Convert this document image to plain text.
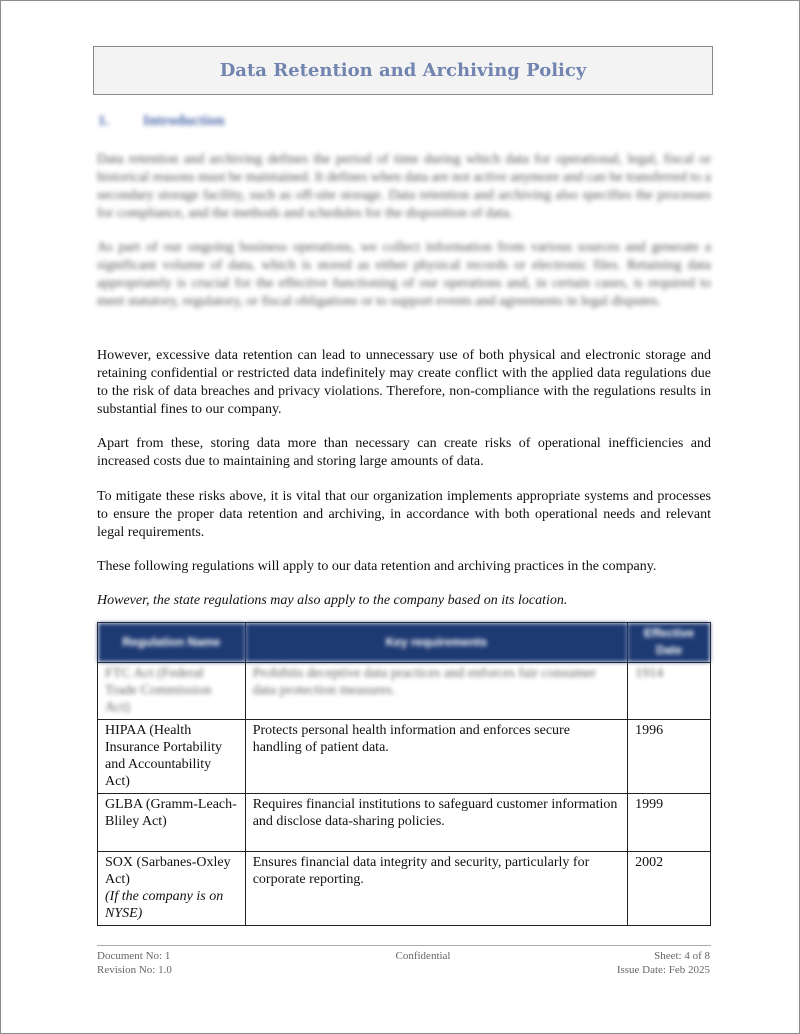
Data Retention and Archiving Policy
1. Introduction
Data retention and archiving defines the period of time during which data for operational, legal, fiscal or historical reasons must be maintained. It defines when data are not active anymore and can be transferred to a secondary storage facility, such as off-site storage. Data retention and archiving also specifies the processes for compliance, and the methods and schedules for the disposition of data.
As part of our ongoing business operations, we collect information from various sources and generate a significant volume of data, which is stored as either physical records or electronic files. Retaining data appropriately is crucial for the effective functioning of our operations and, in certain cases, is required to meet statutory, regulatory, or fiscal obligations or to support events and agreements in legal disputes.
However, excessive data retention can lead to unnecessary use of both physical and electronic storage and retaining confidential or restricted data indefinitely may create conflict with the applied data regulations due to the risk of data breaches and privacy violations. Therefore, non-compliance with the regulations results in substantial fines to our company.
Apart from these, storing data more than necessary can create risks of operational inefficiencies and increased costs due to maintaining and storing large amounts of data.
To mitigate these risks above, it is vital that our organization implements appropriate systems and processes to ensure the proper data retention and archiving, in accordance with both operational needs and relevant legal requirements.
These following regulations will apply to our data retention and archiving practices in the company.
However, the state regulations may also apply to the company based on its location.
Regulation Name	Key requirements	Effective Date
FTC Act (Federal Trade Commission Act)	Prohibits deceptive data practices and enforces fair consumer data protection measures.	1914

HIPAA (Health Insurance Portability and Accountability Act)	Protects personal health information and enforces secure handling of patient data.	1996

GLBA (Gramm-Leach-Bliley Act)	Requires financial institutions to safeguard customer information and disclose data-sharing policies.	1999

SOX (Sarbanes-Oxley Act)
(If the company is on NYSE)	Ensures financial data integrity and security, particularly for corporate reporting.	2002
Document No: 1
Revision No: 1.0
Confidential	Sheet: 4 of 8
Issue Date: Feb 2025
